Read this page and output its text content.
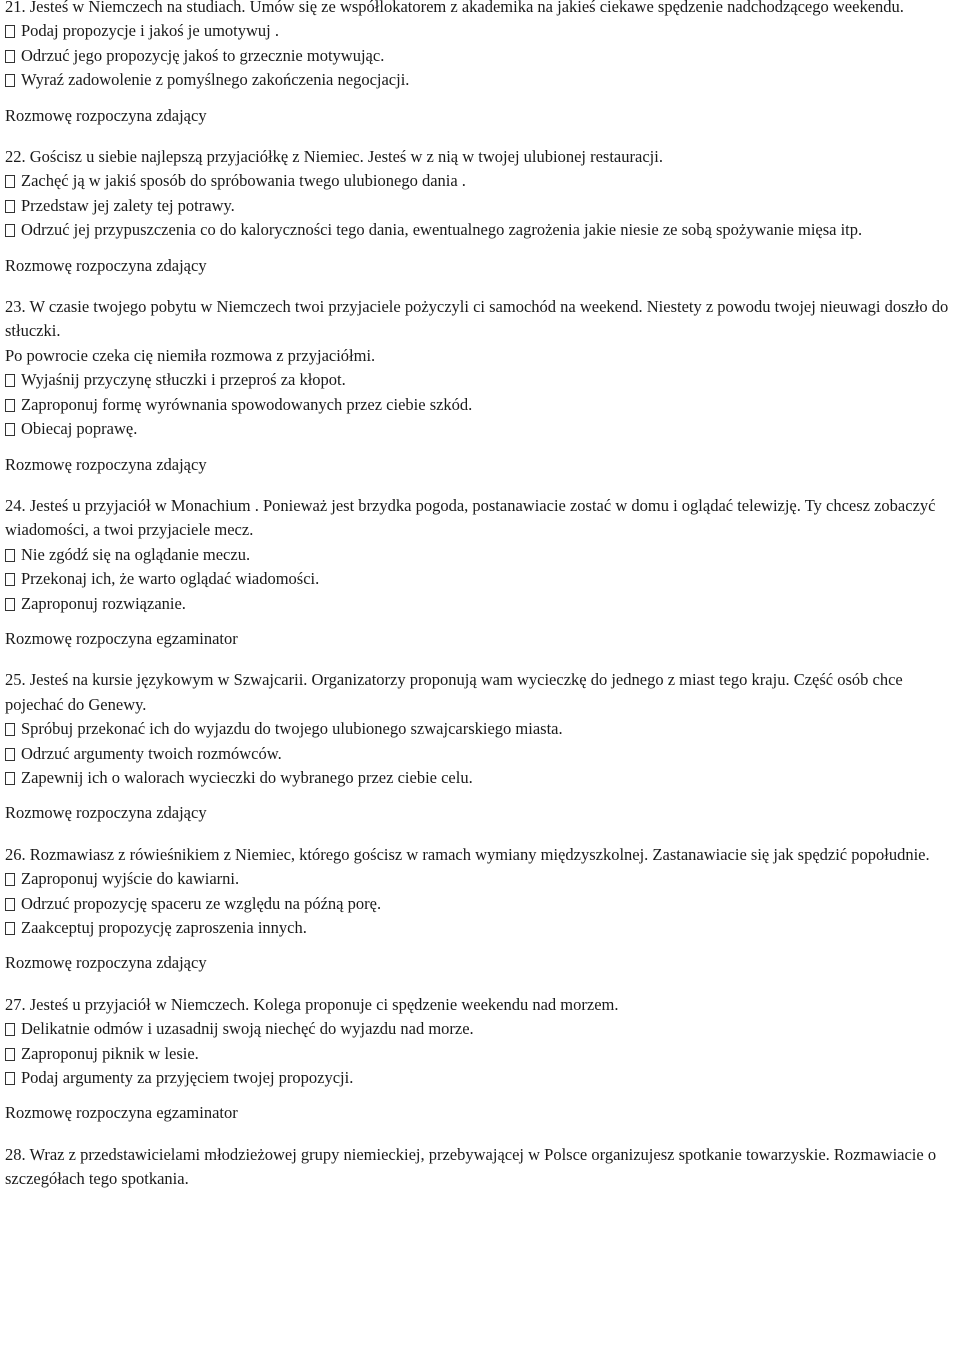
21. Jesteś w Niemczech na studiach. Umów się ze współlokatorem z akademika na jakieś ciekawe spędzenie nadchodzącego weekendu.
Podaj propozycje i jakoś je umotywuj .
Odrzuć jego propozycję jakoś to grzecznie motywując.
Wyraź zadowolenie z pomyślnego zakończenia negocjacji.
Rozmowę rozpoczyna zdający
22. Gościsz u siebie najlepszą przyjaciółkę z Niemiec. Jesteś w z nią w twojej ulubionej restauracji.
Zachęć ją w jakiś sposób do spróbowania twego ulubionego dania .
Przedstaw jej zalety tej potrawy.
Odrzuć jej przypuszczenia co do kaloryczności tego dania, ewentualnego zagrożenia jakie niesie ze sobą spożywanie mięsa itp.
Rozmowę rozpoczyna zdający
23. W czasie twojego pobytu w Niemczech twoi przyjaciele pożyczyli ci samochód na weekend. Niestety z powodu twojej nieuwagi doszło do stłuczki.
Po powrocie czeka cię niemiła rozmowa z przyjaciółmi.
Wyjaśnij przyczynę stłuczki i przeproś za kłopot.
Zaproponuj formę wyrównania spowodowanych przez ciebie szkód.
Obiecaj poprawę.
Rozmowę rozpoczyna zdający
24. Jesteś u przyjaciół w Monachium . Ponieważ jest brzydka pogoda, postanawiacie zostać w domu i oglądać telewizję. Ty chcesz zobaczyć wiadomości, a twoi przyjaciele mecz.
Nie zgódź się na oglądanie meczu.
Przekonaj ich, że warto oglądać wiadomości.
Zaproponuj rozwiązanie.
Rozmowę rozpoczyna egzaminator
25. Jesteś na kursie językowym w Szwajcarii. Organizatorzy proponują wam wycieczkę do jednego z miast tego kraju. Część osób chce pojechać do Genewy.
Spróbuj przekonać ich do wyjazdu do twojego ulubionego szwajcarskiego miasta.
Odrzuć argumenty twoich rozmówców.
Zapewnij ich o walorach wycieczki do wybranego przez ciebie celu.
Rozmowę rozpoczyna zdający
26. Rozmawiasz z rówieśnikiem z Niemiec, którego gościsz w ramach wymiany międzyszkolnej. Zastanawiacie się jak spędzić popołudnie.
Zaproponuj wyjście do kawiarni.
Odrzuć propozycję spaceru ze względu na późną porę.
Zaakceptuj propozycję zaproszenia innych.
Rozmowę rozpoczyna zdający
27. Jesteś u przyjaciół w Niemczech. Kolega proponuje ci spędzenie weekendu nad morzem.
Delikatnie odmów i uzasadnij swoją niechęć do wyjazdu nad morze.
Zaproponuj piknik w lesie.
Podaj argumenty za przyjęciem twojej propozycji.
Rozmowę rozpoczyna egzaminator
28. Wraz z przedstawicielami młodzieżowej grupy niemieckiej, przebywającej w Polsce organizujesz spotkanie towarzyskie. Rozmawiacie o szczegółach tego spotkania.
